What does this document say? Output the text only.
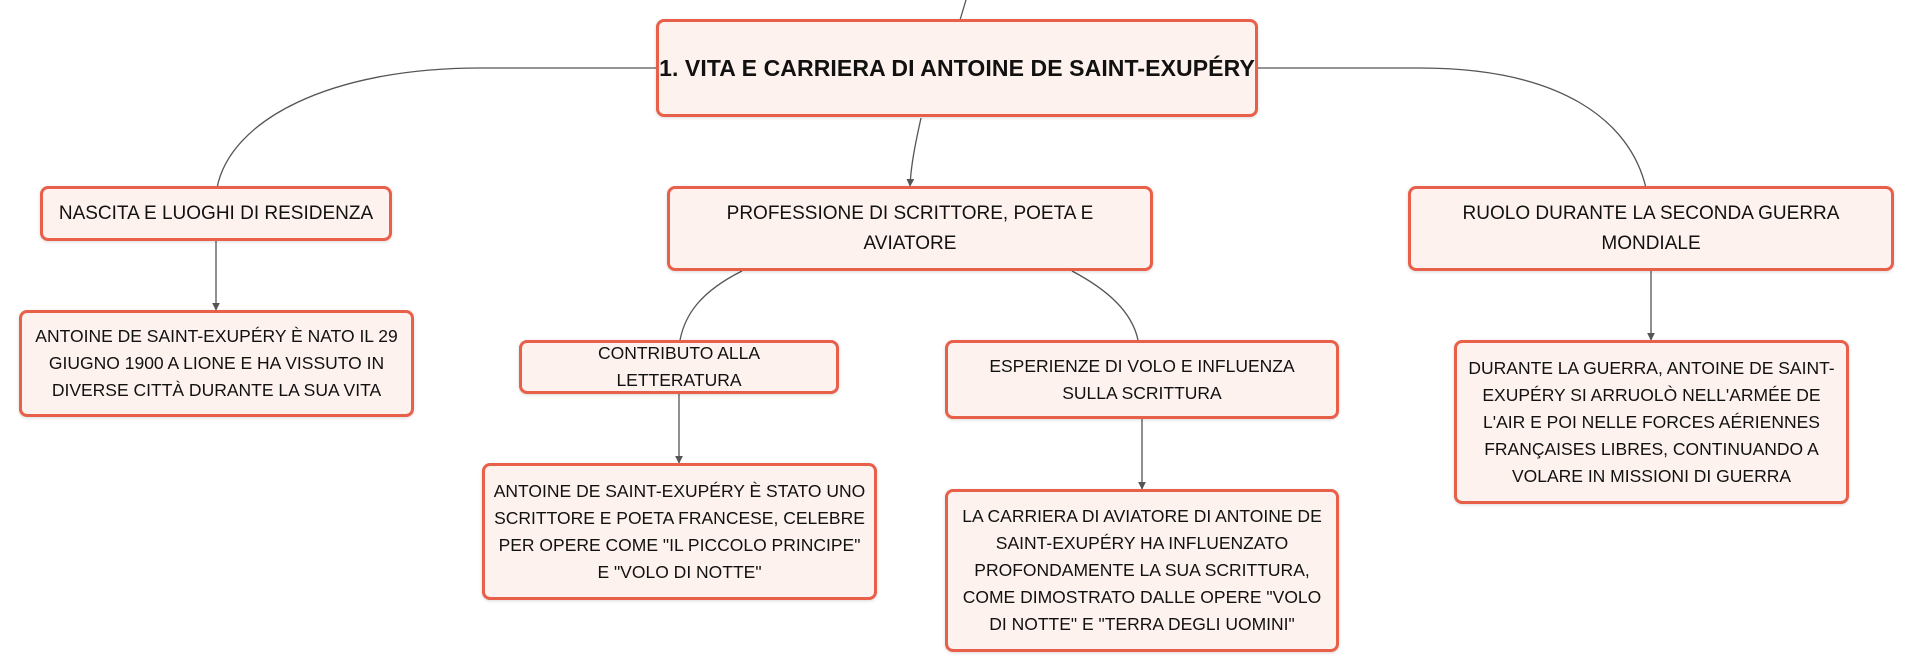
1. VITA E CARRIERA DI ANTOINE DE SAINT-EXUPÉRY
NASCITA E LUOGHI DI RESIDENZA	PROFESSIONE DI SCRITTORE, POETA E AVIATORE
RUOLO DURANTE LA SECONDA GUERRA MONDIALE
ANTOINE DE SAINT-EXUPÉRY È NATO IL 29 GIUGNO 1900 A LIONE E HA VISSUTO IN DIVERSE CITTÀ DURANTE LA SUA VITA
CONTRIBUTO ALLA LETTERATURA
ESPERIENZE DI VOLO E INFLUENZA SULLA SCRITTURA
DURANTE LA GUERRA, ANTOINE DE SAINT-EXUPÉRY SI ARRUOLÒ NELL'ARMÉE DE L'AIR E POI NELLE FORCES AÉRIENNES FRANÇAISES LIBRES, CONTINUANDO A VOLARE IN MISSIONI DI GUERRA
ANTOINE DE SAINT-EXUPÉRY È STATO UNO SCRITTORE E POETA FRANCESE, CELEBRE PER OPERE COME "IL PICCOLO PRINCIPE" E "VOLO DI NOTTE"
LA CARRIERA DI AVIATORE DI ANTOINE DE SAINT-EXUPÉRY HA INFLUENZATO PROFONDAMENTE LA SUA SCRITTURA, COME DIMOSTRATO DALLE OPERE "VOLO DI NOTTE" E "TERRA DEGLI UOMINI"
